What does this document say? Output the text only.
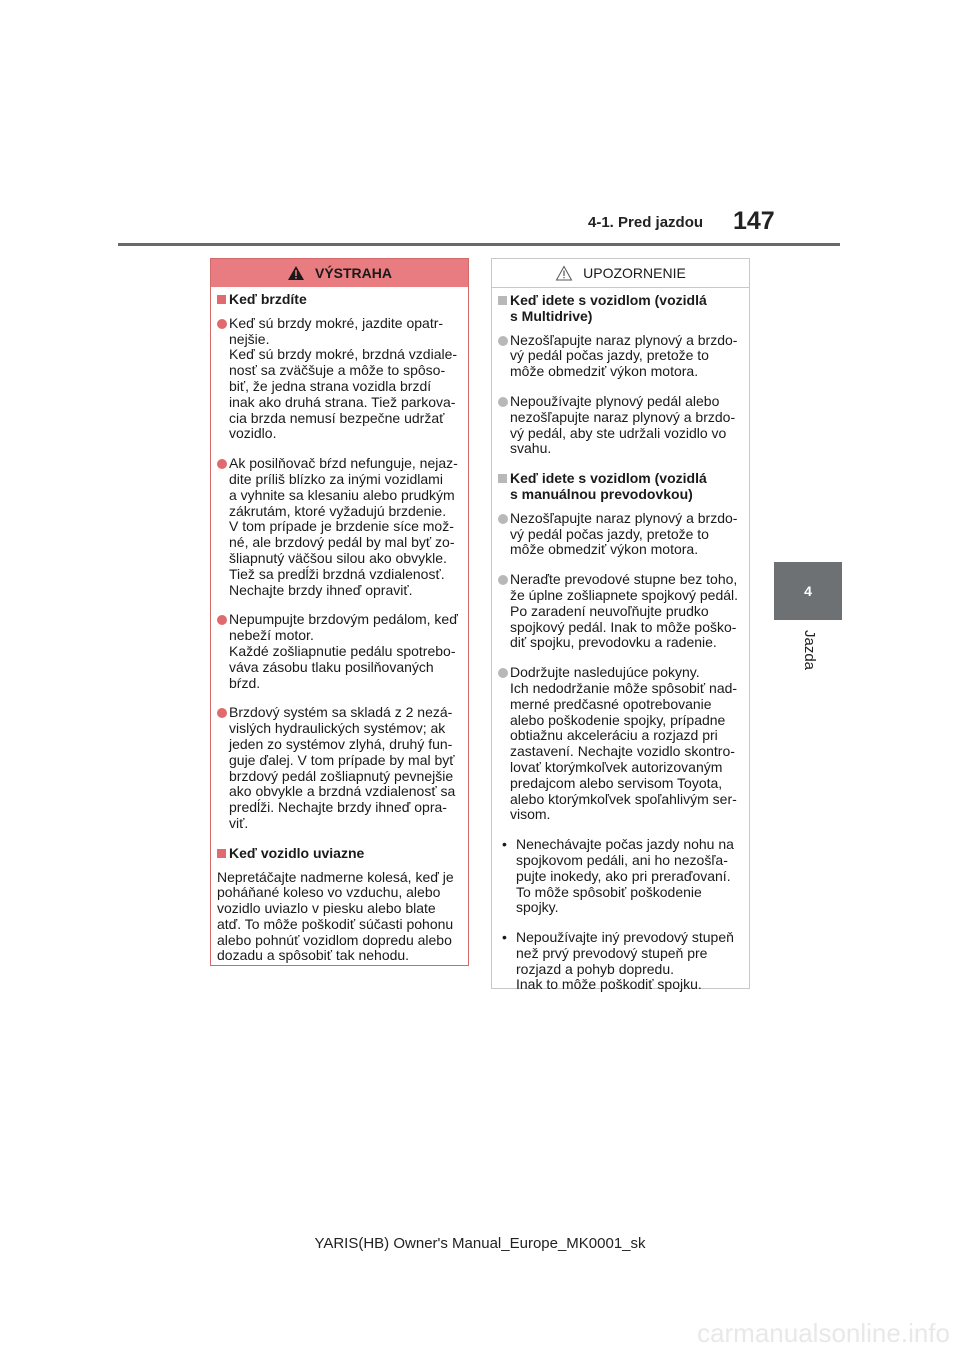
4-1. Pred jazdou 147
4
Jazda
VÝSTRAHA
Keď brzdíte
Keď sú brzdy mokré, jazdite opatr-
nejšie.
Keď sú brzdy mokré, brzdná vzdiale-
nosť sa zväčšuje a môže to spôso-
biť, že jedna strana vozidla brzdí
inak ako druhá strana. Tiež parkova-
cia brzda nemusí bezpečne udržať
vozidlo.
Ak posilňovač bŕzd nefunguje, nejaz-
dite príliš blízko za inými vozidlami
a vyhnite sa klesaniu alebo prudkým
zákrutám, ktoré vyžadujú brzdenie.
V tom prípade je brzdenie síce mož-
né, ale brzdový pedál by mal byť zo-
šliapnutý väčšou silou ako obvykle.
Tiež sa predĺži brzdná vzdialenosť.
Nechajte brzdy ihneď opraviť.
Nepumpujte brzdovým pedálom, keď
nebeží motor.
Každé zošliapnutie pedálu spotrebo-
váva zásobu tlaku posilňovaných
bŕzd.
Brzdový systém sa skladá z 2 nezá-
vislých hydraulických systémov; ak
jeden zo systémov zlyhá, druhý fun-
guje ďalej. V tom prípade by mal byť
brzdový pedál zošliapnutý pevnejšie
ako obvykle a brzdná vzdialenosť sa
predĺži. Nechajte brzdy ihneď opra-
viť.
Keď vozidlo uviazne
Nepretáčajte nadmerne kolesá, keď je
poháňané koleso vo vzduchu, alebo
vozidlo uviazlo v piesku alebo blate
atď. To môže poškodiť súčasti pohonu
alebo pohnúť vozidlom dopredu alebo
dozadu a spôsobiť tak nehodu.
UPOZORNENIE
Keď idete s vozidlom (vozidlá
s Multidrive)
Nezošľapujte naraz plynový a brzdo-
vý pedál počas jazdy, pretože to
môže obmedziť výkon motora.
Nepoužívajte plynový pedál alebo
nezošľapujte naraz plynový a brzdo-
vý pedál, aby ste udržali vozidlo vo
svahu.
Keď idete s vozidlom (vozidlá
s manuálnou prevodovkou)
Nezošľapujte naraz plynový a brzdo-
vý pedál počas jazdy, pretože to
môže obmedziť výkon motora.
Neraďte prevodové stupne bez toho,
že úplne zošliapnete spojkový pedál.
Po zaradení neuvoľňujte prudko
spojkový pedál. Inak to môže poško-
diť spojku, prevodovku a radenie.
Dodržujte nasledujúce pokyny.
Ich nedodržanie môže spôsobiť nad-
merné predčasné opotrebovanie
alebo poškodenie spojky, prípadne
obtiažnu akceleráciu a rozjazd pri
zastavení. Nechajte vozidlo skontro-
lovať ktorýmkoľvek autorizovaným
predajcom alebo servisom Toyota,
alebo ktorýmkoľvek spoľahlivým ser-
visom.
• Nenechávajte počas jazdy nohu na
spojkovom pedáli, ani ho nezošľa-
pujte inokedy, ako pri preraďovaní.
To môže spôsobiť poškodenie
spojky.
• Nepoužívajte iný prevodový stupeň
než prvý prevodový stupeň pre
rozjazd a pohyb dopredu.
Inak to môže poškodiť spojku.
YARIS(HB) Owner's Manual_Europe_MK0001_sk
carmanualsonline.info
